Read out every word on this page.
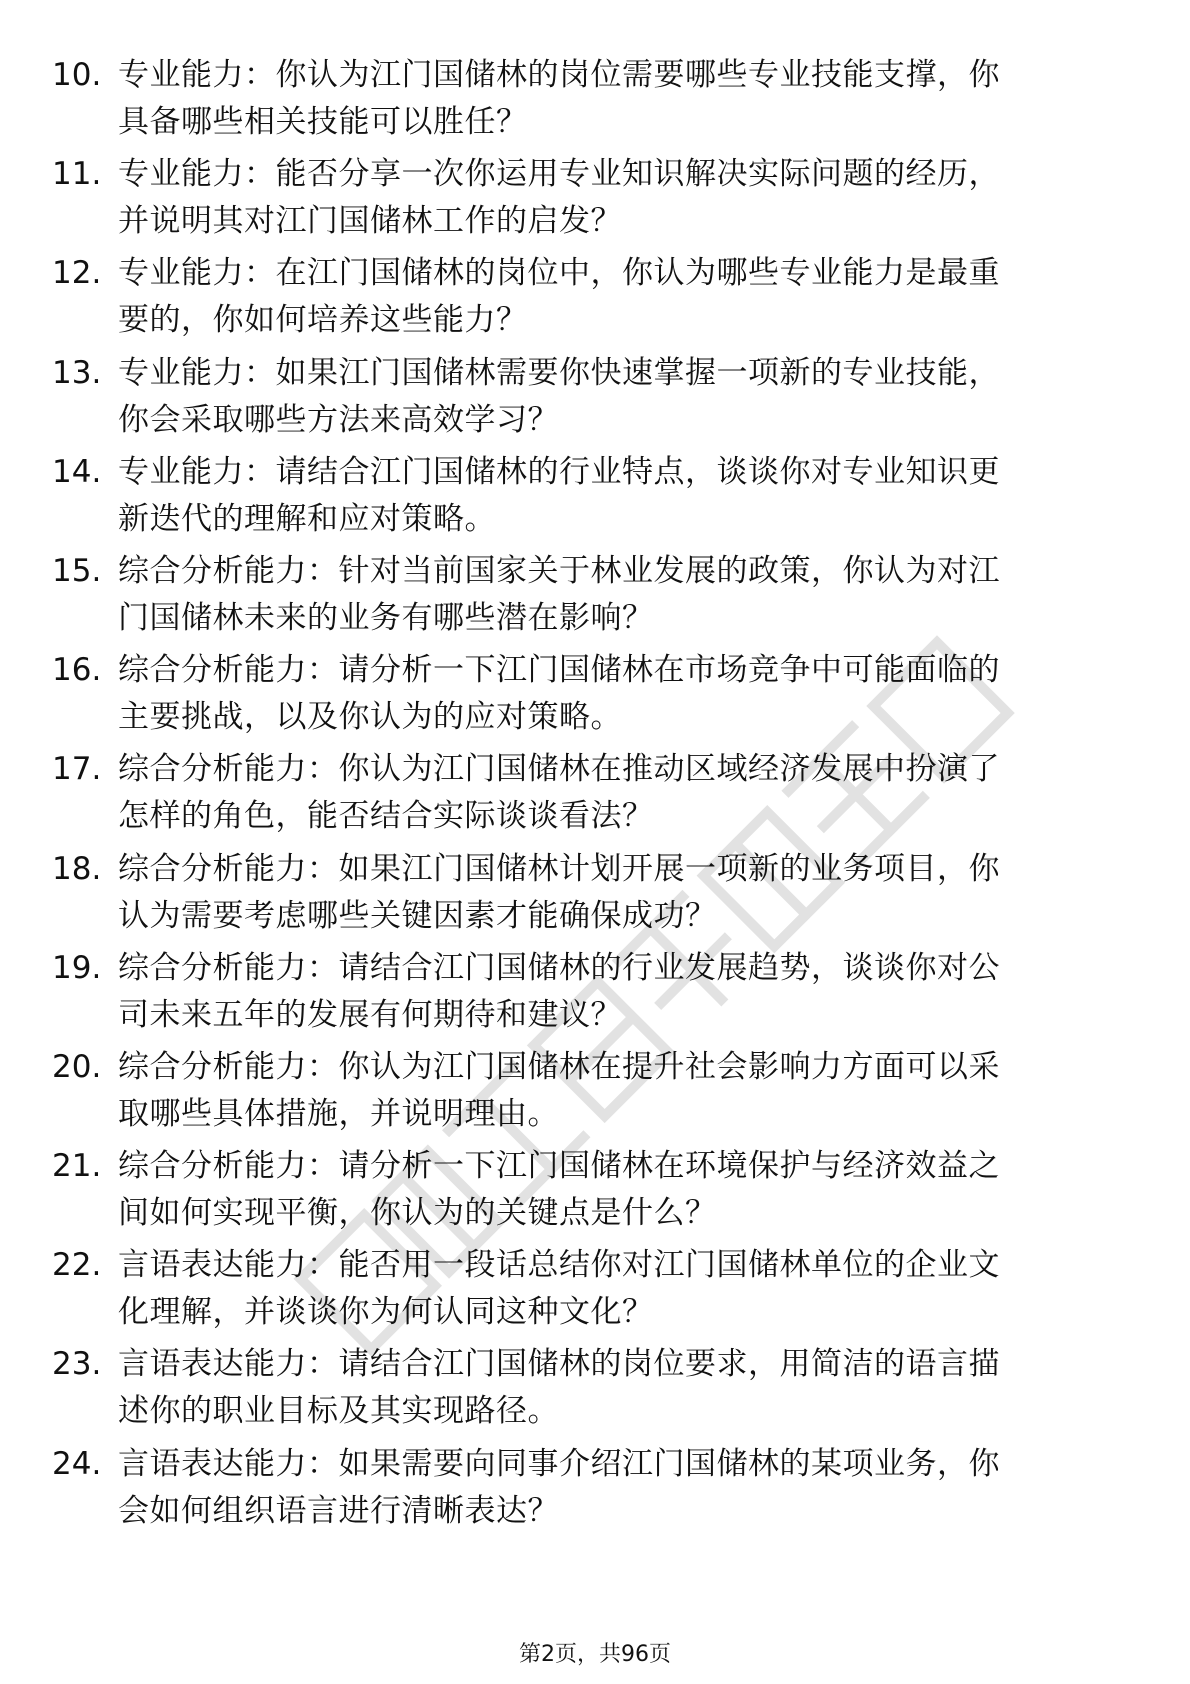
10. 专业能力：你认为江门国储林的岗位需要哪些专业技能支撑，你
具备哪些相关技能可以胜任？
11. 专业能力：能否分享一次你运用专业知识解决实际问题的经历，
并说明其对江门国储林工作的启发？
12. 专业能力：在江门国储林的岗位中，你认为哪些专业能力是最重
要的，你如何培养这些能力？
13. 专业能力：如果江门国储林需要你快速掌握一项新的专业技能，
你会采取哪些方法来高效学习？
14. 专业能力：请结合江门国储林的行业特点，谈谈你对专业知识更
新迭代的理解和应对策略。
15. 综合分析能力：针对当前国家关于林业发展的政策，你认为对江
门国储林未来的业务有哪些潜在影响？
16. 综合分析能力：请分析一下江门国储林在市场竞争中可能面临的
主要挑战，以及你认为的应对策略。
17. 综合分析能力：你认为江门国储林在推动区域经济发展中扮演了
怎样的角色，能否结合实际谈谈看法？
18. 综合分析能力：如果江门国储林计划开展一项新的业务项目，你
认为需要考虑哪些关键因素才能确保成功？
19. 综合分析能力：请结合江门国储林的行业发展趋势，谈谈你对公
司未来五年的发展有何期待和建议？
20. 综合分析能力：你认为江门国储林在提升社会影响力方面可以采
取哪些具体措施，并说明理由。
21. 综合分析能力：请分析一下江门国储林在环境保护与经济效益之
间如何实现平衡，你认为的关键点是什么？
22. 言语表达能力：能否用一段话总结你对江门国储林单位的企业文
化理解，并谈谈你为何认同这种文化？
23. 言语表达能力：请结合江门国储林的岗位要求，用简洁的语言描
述你的职业目标及其实现路径。
24. 言语表达能力：如果需要向同事介绍江门国储林的某项业务，你
会如何组织语言进行清晰表达？
第2页，共96页
